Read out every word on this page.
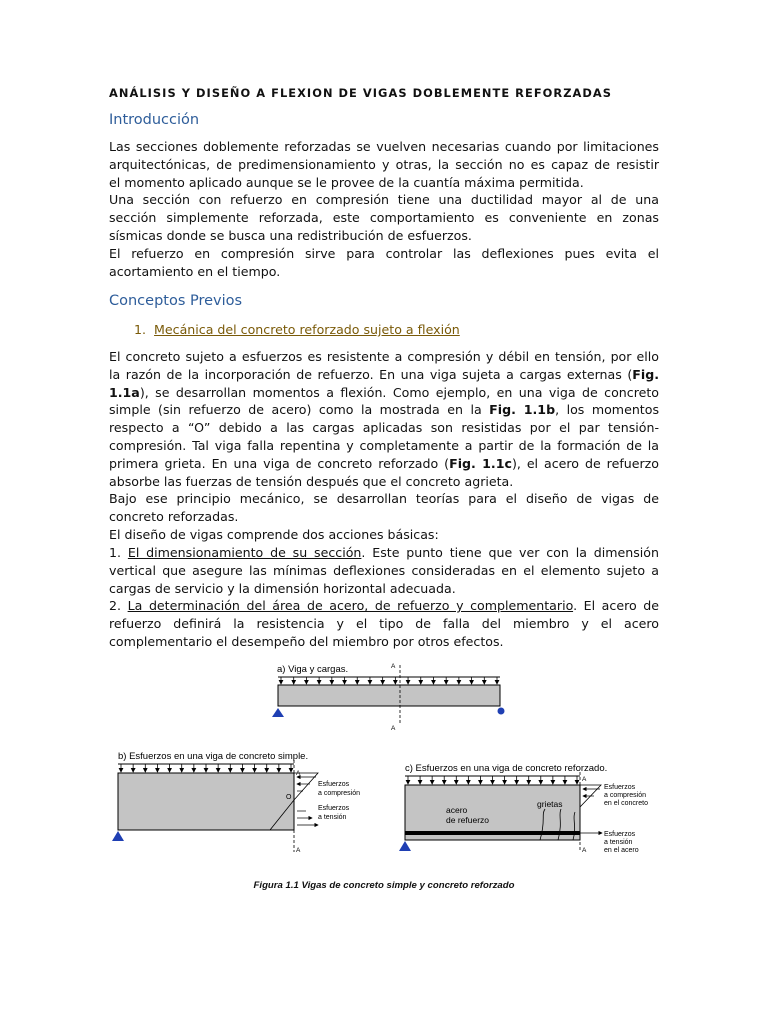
ANÁLISIS Y DISEÑO A FLEXION DE VIGAS DOBLEMENTE REFORZADAS
Introducción

Las secciones doblemente reforzadas se vuelven necesarias cuando por limitaciones

arquitectónicas, de predimensionamiento y otras, la sección no es capaz de resistir

el momento aplicado aunque se le provee de la cuantía máxima permitida.

Una sección con refuerzo en compresión tiene una ductilidad mayor al de una

sección simplemente reforzada, este comportamiento es conveniente en zonas

sísmicas donde se busca una redistribución de esfuerzos.

El refuerzo en compresión sirve para controlar las deflexiones pues evita el

acortamiento en el tiempo.

Conceptos Previos
1. Mecánica del concreto reforzado sujeto a flexión

El concreto sujeto a esfuerzos es resistente a compresión y débil en tensión, por ello

la razón de la incorporación de refuerzo. En una viga sujeta a cargas externas (Fig.

1.1a), se desarrollan momentos a flexión. Como ejemplo, en una viga de concreto

simple (sin refuerzo de acero) como la mostrada en la Fig. 1.1b, los momentos

respecto a “O” debido a las cargas aplicadas son resistidas por el par tensión-

compresión. Tal viga falla repentina y completamente a partir de la formación de la

primera grieta. En una viga de concreto reforzado (Fig. 1.1c), el acero de refuerzo

absorbe las fuerzas de tensión después que el concreto agrieta.

Bajo ese principio mecánico, se desarrollan teorías para el diseño de vigas de

concreto reforzadas.

El diseño de vigas comprende dos acciones básicas:

1. El dimensionamiento de su sección. Este punto tiene que ver con la dimensión

vertical que asegure las mínimas deflexiones consideradas en el elemento sujeto a

cargas de servicio y la dimensión horizontal adecuada.

2. La determinación del área de acero, de refuerzo y complementario. El acero de

refuerzo definirá la resistencia y el tipo de falla del miembro y el acero

complementario el desempeño del miembro por otros efectos.

a) Viga y cargas.	A
A
b) Esfuerzos en una viga de concreto simple.
A
A
O
Esfuerzos
a compresión
Esfuerzos
a tensión
c) Esfuerzos en una viga de concreto reforzado.
A
A
Esfuerzos
a compresión
en el concreto
Esfuerzos
a tensión
en el acero
acero
de refuerzo
grietas
Figura 1.1 Vigas de concreto simple y concreto reforzado
